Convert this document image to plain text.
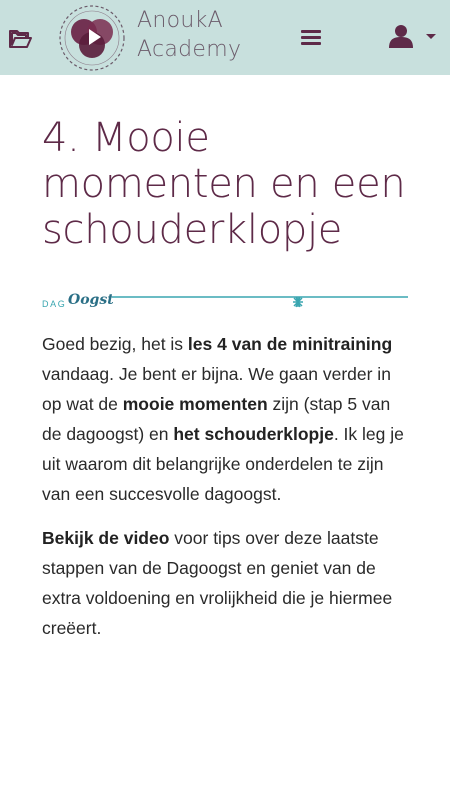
AnoukA
Academy
4. Mooie momenten en een schouderklopje
DAG Oogst

Goed bezig, het is les 4 van de minitraining vandaag. Je bent er bijna. We gaan verder in op wat de mooie momenten zijn (stap 5 van de dagoogst) en het schouderklopje. Ik leg je uit waarom dit belangrijke onderdelen te zijn van een succesvolle dagoogst.

Bekijk de video voor tips over deze laatste stappen van de Dagoogst en geniet van de extra voldoening en vrolijkheid die je hiermee creëert.
